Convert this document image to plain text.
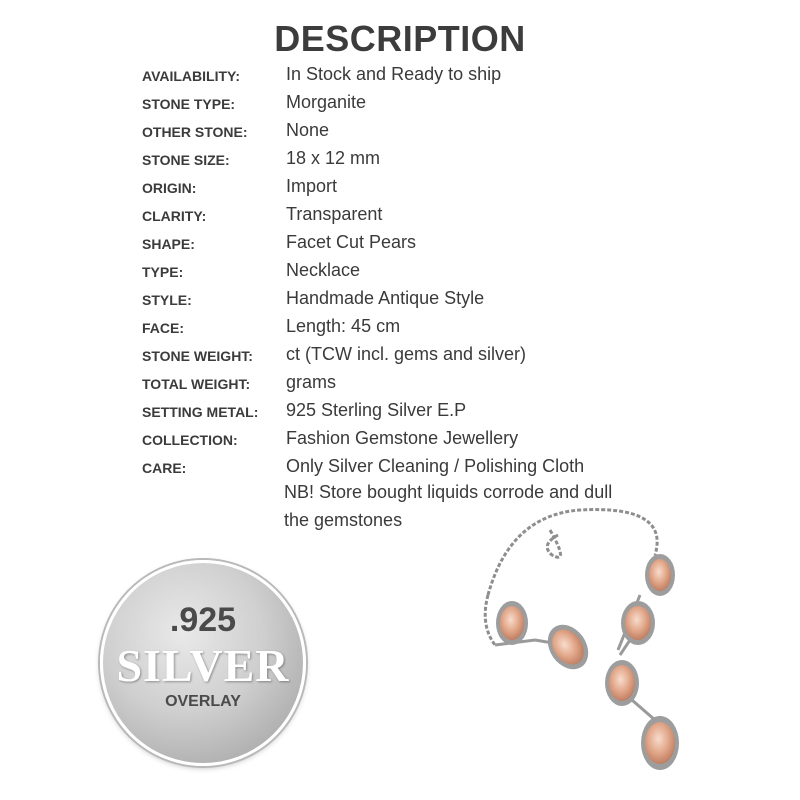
DESCRIPTION
AVAILABILITY:	In Stock and Ready to ship
STONE TYPE:	Morganite
OTHER STONE: None
STONE SIZE:	18 x 12 mm
ORIGIN:	Import
CLARITY:	Transparent
SHAPE:	Facet Cut Pears
TYPE:	Necklace
STYLE:	Handmade Antique Style
FACE:	Length: 45 cm
STONE WEIGHT: ct (TCW incl. gems and silver)
TOTAL WEIGHT: grams
SETTING METAL: 925 Sterling Silver E.P
COLLECTION:	Fashion Gemstone Jewellery
CARE:	Only Silver Cleaning / Polishing Cloth
NB! Store bought liquids corrode and dull
the gemstones
.925
SILVER
OVERLAY
